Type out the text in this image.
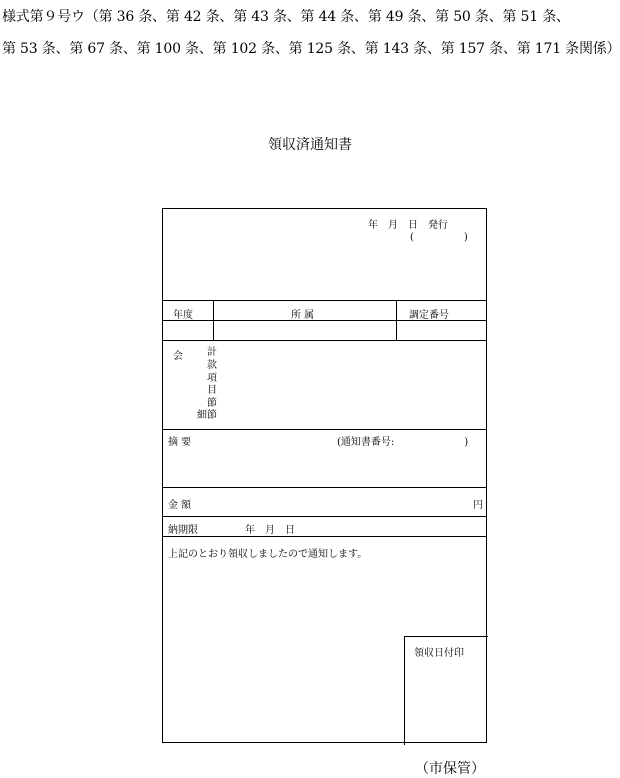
様式第９号ウ（第 36 条、第 42 条、第 43 条、第 44 条、第 49 条、第 50 条、第 51 条、
第 53 条、第 67 条、第 100 条、第 102 条、第 125 条、第 143 条、第 157 条、第 171 条関係）
領収済通知書
年　月　日　発行
(　　　　　)
年度	所 属	調定番号
会 計
款
項
目
節
細節
摘 要	(通知書番号:　　　　　　　)
金 額	円
納期限	年　月　日
上記のとおり領収しましたので通知します。
領収日付印
（市保管）
